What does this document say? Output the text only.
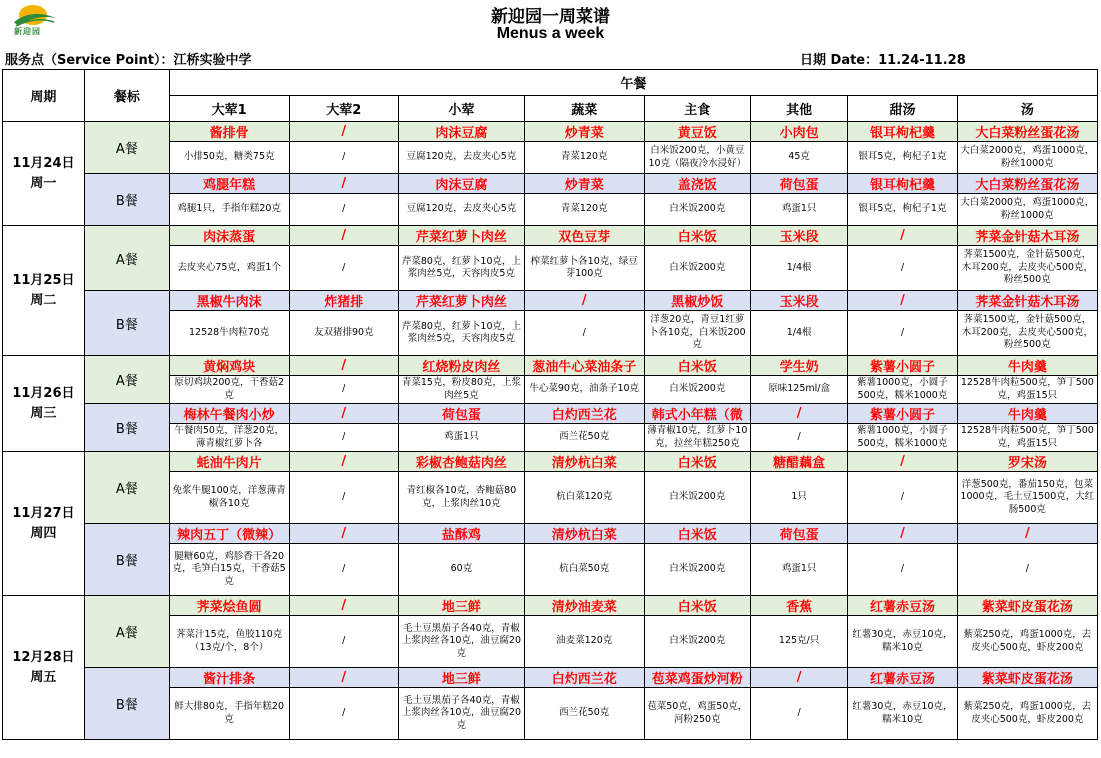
新迎园
新迎园一周菜谱
Menus a week
服务点（Service Point）：江桥实验中学	日期 Date：11.24-11.28
周期	餐标	午餐							
		大荤1	大荤2	小荤	蔬菜	主食	其他	甜汤	汤

11月24日
周一	A餐	酱排骨	/	肉沫豆腐	炒青菜	黄豆饭	小肉包	银耳枸杞羹	大白菜粉丝蛋花汤
		小排50克，糖类75克	/	豆腐120克，去皮夹心5克	青菜120克	白米饭200克，小黄豆10克（隔夜冷水浸好）	45克	银耳5克，枸杞子1克	大白菜2000克，鸡蛋1000克，粉丝1000克
	B餐	鸡腿年糕	/	肉沫豆腐	炒青菜	盖浇饭	荷包蛋	银耳枸杞羹	大白菜粉丝蛋花汤
		鸡腿1只，手指年糕20克	/	豆腐120克，去皮夹心5克	青菜120克	白米饭200克	鸡蛋1只	银耳5克，枸杞子1克	大白菜2000克，鸡蛋1000克，粉丝1000克

11月25日
周二	A餐	肉沫蒸蛋	/	芹菜红萝卜肉丝	双色豆芽	白米饭	玉米段	/	荠菜金针菇木耳汤
		去皮夹心75克，鸡蛋1个	/	芹菜80克，红萝卜10克，上浆肉丝5克，天容肉皮5克	榨菜红萝卜各10克，绿豆芽100克	白米饭200克	1/4根	/	荠菜1500克，金针菇500克，木耳200克，去皮夹心500克，粉丝500克
	B餐	黑椒牛肉沫	炸猪排	芹菜红萝卜肉丝	/	黑椒炒饭	玉米段	/	荠菜金针菇木耳汤
		12528牛肉粒70克	友双猪排90克	芹菜80克，红萝卜10克，上浆肉丝5克，天容肉皮5克	/	洋葱20克，青豆1红萝卜各10克，白米饭200克	1/4根	/	荠菜1500克，金针菇500克，木耳200克，去皮夹心500克，粉丝500克

11月26日
周三	A餐	黄焖鸡块	/	红烧粉皮肉丝	葱油牛心菜油条子	白米饭	学生奶	紫薯小圆子	牛肉羹
		原切鸡块200克，干香菇2克	/	青菜15克，粉皮80克，上浆肉丝5克	牛心菜90克，油条子10克	白米饭200克	原味125ml/盒	紫薯1000克，小圆子500克，糯米1000克	12528牛肉粒500克，笋丁500克，鸡蛋15只
	B餐	梅林午餐肉小炒	/	荷包蛋	白灼西兰花	韩式小年糕（微	/	紫薯小圆子	牛肉羹
		午餐肉50克，洋葱20克，薄青椒红萝卜各	/	鸡蛋1只	西兰花50克	薄青椒10克，红萝卜10克，拉丝年糕250克	/	紫薯1000克，小圆子500克，糯米1000克	12528牛肉粒500克，笋丁500克，鸡蛋15只

11月27日
周四	A餐	蚝油牛肉片	/	彩椒杏鲍菇肉丝	清炒杭白菜	白米饭	糖醋藕盒	/	罗宋汤
		免浆牛腿100克，洋葱薄青椒各10克	/	青红椒各10克，杏鲍菇80克，上浆肉丝10克	杭白菜120克	白米饭200克	1只	/	洋葱500克，番茄150克，包菜1000克，毛土豆1500克，大红肠500克
	B餐	辣肉五丁（微辣）	/	盐酥鸡	清炒杭白菜	白米饭	荷包蛋	/	/
		腿糖60克，鸡胗香干各20克，毛笋白15克，干香菇5克	/	60克	杭白菜50克	白米饭200克	鸡蛋1只	/	/

12月28日
周五	A餐	荠菜烩鱼圆	/	地三鲜	清炒油麦菜	白米饭	香蕉	红薯赤豆汤	紫菜虾皮蛋花汤
		荠菜汁15克，鱼胶110克（13克/个，8个）	/	毛土豆黑茄子各40克，青椒上浆肉丝各10克，油豆腐20克	油麦菜120克	白米饭200克	125克/只	红薯30克，赤豆10克，糯米10克	紫菜250克，鸡蛋1000克，去皮夹心500克，虾皮200克
	B餐	酱汁排条	/	地三鲜	白灼西兰花	苞菜鸡蛋炒河粉	/	红薯赤豆汤	紫菜虾皮蛋花汤
		鲜大排80克，手指年糕20克	/	毛土豆黑茄子各40克，青椒上浆肉丝各10克，油豆腐20克	西兰花50克	苞菜50克，鸡蛋50克，河粉250克	/	红薯30克，赤豆10克，糯米10克	紫菜250克，鸡蛋1000克，去皮夹心500克，虾皮200克
